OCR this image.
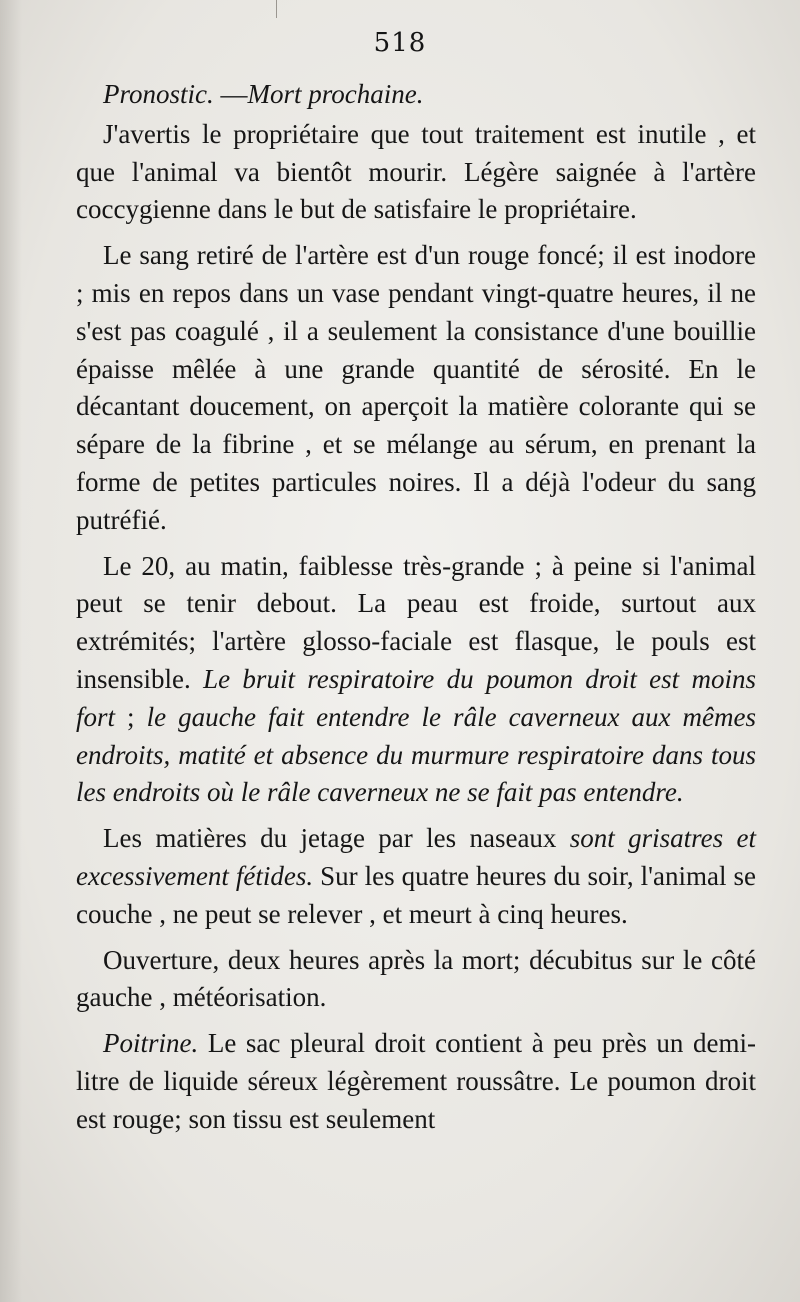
518

Pronostic. —Mort prochaine.

J'avertis le propriétaire que tout traitement est inutile , et que l'animal va bientôt mourir. Légère saignée à l'artère coccygienne dans le but de satisfaire le propriétaire.

Le sang retiré de l'artère est d'un rouge foncé; il est inodore ; mis en repos dans un vase pendant vingt-quatre heures, il ne s'est pas coagulé , il a seulement la consistance d'une bouillie épaisse mêlée à une grande quantité de sérosité. En le décantant doucement, on aperçoit la matière colorante qui se sépare de la fibrine , et se mélange au sérum, en prenant la forme de petites particules noires. Il a déjà l'odeur du sang putréfié.

Le 20, au matin, faiblesse très-grande ; à peine si l'animal peut se tenir debout. La peau est froide, surtout aux extrémités; l'artère glosso-faciale est flasque, le pouls est insensible. Le bruit respiratoire du poumon droit est moins fort ; le gauche fait entendre le râle caverneux aux mêmes endroits, matité et absence du murmure respiratoire dans tous les endroits où le râle caverneux ne se fait pas entendre.

Les matières du jetage par les naseaux sont grisatres et excessivement fétides. Sur les quatre heures du soir, l'animal se couche , ne peut se relever , et meurt à cinq heures.

Ouverture, deux heures après la mort; décubitus sur le côté gauche , météorisation.

Poitrine. Le sac pleural droit contient à peu près un demi-litre de liquide séreux légèrement roussâtre. Le poumon droit est rouge; son tissu est seulement
